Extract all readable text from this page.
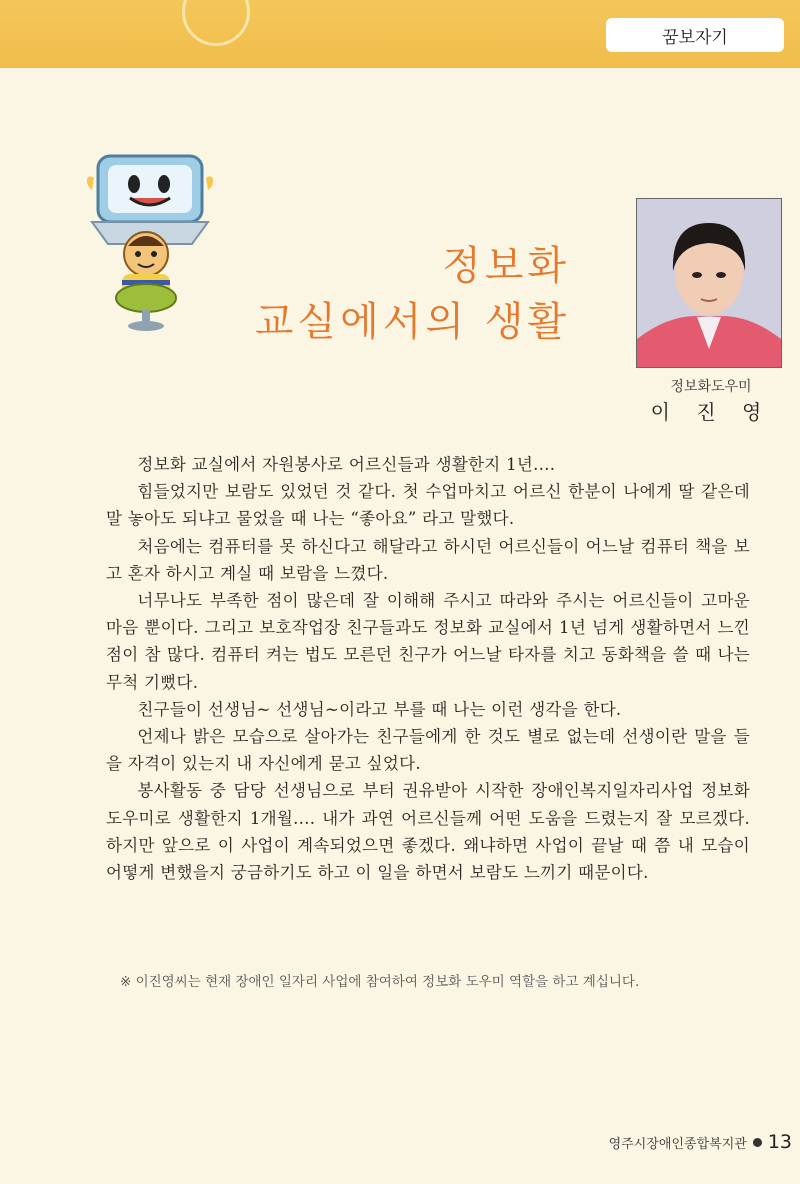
꿈보자기
정보화
교실에서의 생활
정보화도우미
이 진 영

정보화 교실에서 자원봉사로 어르신들과 생활한지 1년....

힘들었지만 보람도 있었던 것 같다. 첫 수업마치고 어르신 한분이 나에게 딸 같은데 말 놓아도 되냐고 물었을 때 나는 “좋아요” 라고 말했다.

처음에는 컴퓨터를 못 하신다고 해달라고 하시던 어르신들이 어느날 컴퓨터 책을 보고 혼자 하시고 계실 때 보람을 느꼈다.

너무나도 부족한 점이 많은데 잘 이해해 주시고 따라와 주시는 어르신들이 고마운 마음 뿐이다. 그리고 보호작업장 친구들과도 정보화 교실에서 1년 넘게 생활하면서 느낀점이 참 많다. 컴퓨터 켜는 법도 모른던 친구가 어느날 타자를 치고 동화책을 쓸 때 나는 무척 기뻤다.

친구들이 선생님~ 선생님~이라고 부를 때 나는 이런 생각을 한다.

언제나 밝은 모습으로 살아가는 친구들에게 한 것도 별로 없는데 선생이란 말을 들을 자격이 있는지 내 자신에게 묻고 싶었다.

봉사활동 중 담당 선생님으로 부터 권유받아 시작한 장애인복지일자리사업 정보화도우미로 생활한지 1개월.... 내가 과연 어르신들께 어떤 도움을 드렸는지 잘 모르겠다. 하지만 앞으로 이 사업이 계속되었으면 좋겠다. 왜냐하면 사업이 끝날 때 쯤 내 모습이 어떻게 변했을지 궁금하기도 하고 이 일을 하면서 보람도 느끼기 때문이다.

※ 이진영씨는 현재 장애인 일자리 사업에 참여하여 정보화 도우미 역할을 하고 계십니다.
영주시장애인종합복지관 13
